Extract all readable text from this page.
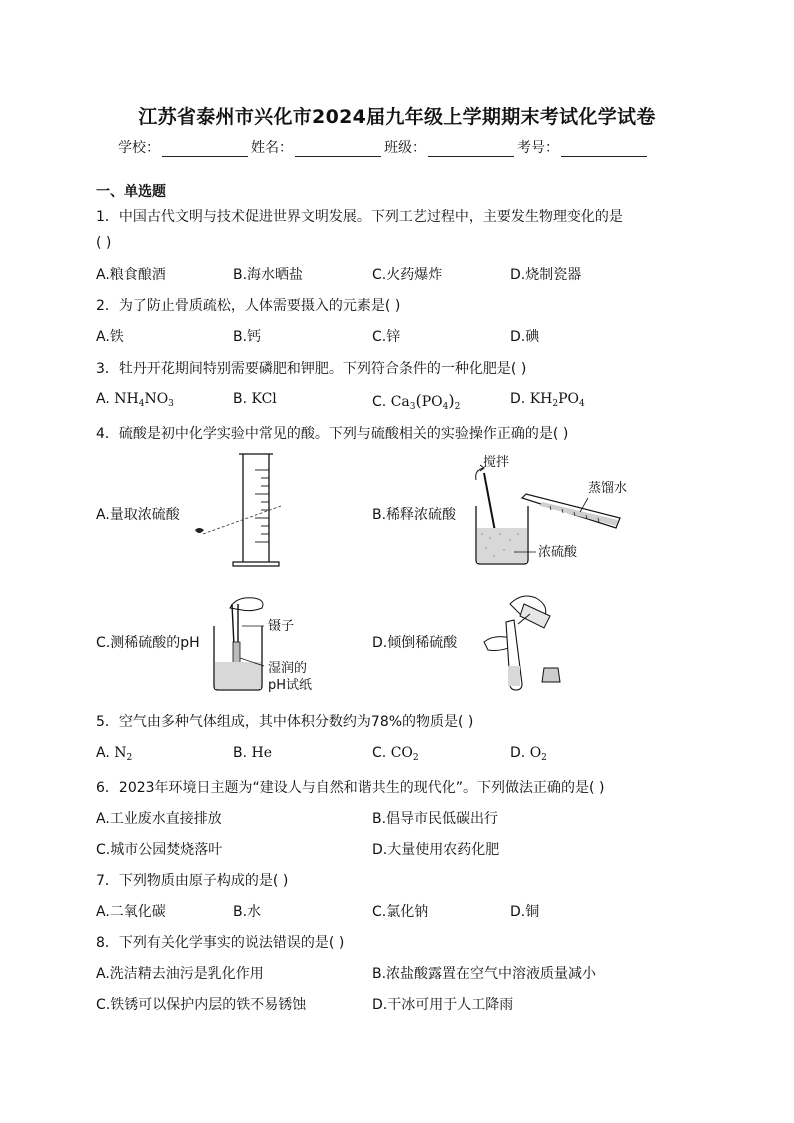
江苏省泰州市兴化市2024届九年级上学期期末考试化学试卷
学校：	姓名：	班级：	考号：
一、单选题
1．中国古代文明与技术促进世界文明发展。下列工艺过程中，主要发生物理变化的是
( )
A.粮食酿酒	B.海水晒盐	C.火药爆炸	D.烧制瓷器
2．为了防止骨质疏松，人体需要摄入的元素是( )
A.铁	B.钙	C.锌	D.碘
3．牡丹开花期间特别需要磷肥和钾肥。下列符合条件的一种化肥是( )
A. $NH_4NO_3$	B. KCl	C. $Ca_3(PO_4)_2$	D. $KH_2PO_4$
4．硫酸是初中化学实验中常见的酸。下列与硫酸相关的实验操作正确的是( )
A.量取浓硫酸	B.稀释浓硫酸
C.测稀硫酸的pH	D.倾倒稀硫酸
搅拌
蒸馏水
浓硫酸
镊子
湿润的
pH试纸
5．空气由多种气体组成，其中体积分数约为78%的物质是( )
A. $N_2$	B. He	C. $CO_2$	D. $O_2$
6．2023年环境日主题为“建设人与自然和谐共生的现代化”。下列做法正确的是( )
A.工业废水直接排放	B.倡导市民低碳出行
C.城市公园焚烧落叶	D.大量使用农药化肥
7．下列物质由原子构成的是( )
A.二氧化碳	B.水	C.氯化钠	D.铜
8．下列有关化学事实的说法错误的是( )
A.洗洁精去油污是乳化作用	B.浓盐酸露置在空气中溶液质量减小
C.铁锈可以保护内层的铁不易锈蚀	D.干冰可用于人工降雨
